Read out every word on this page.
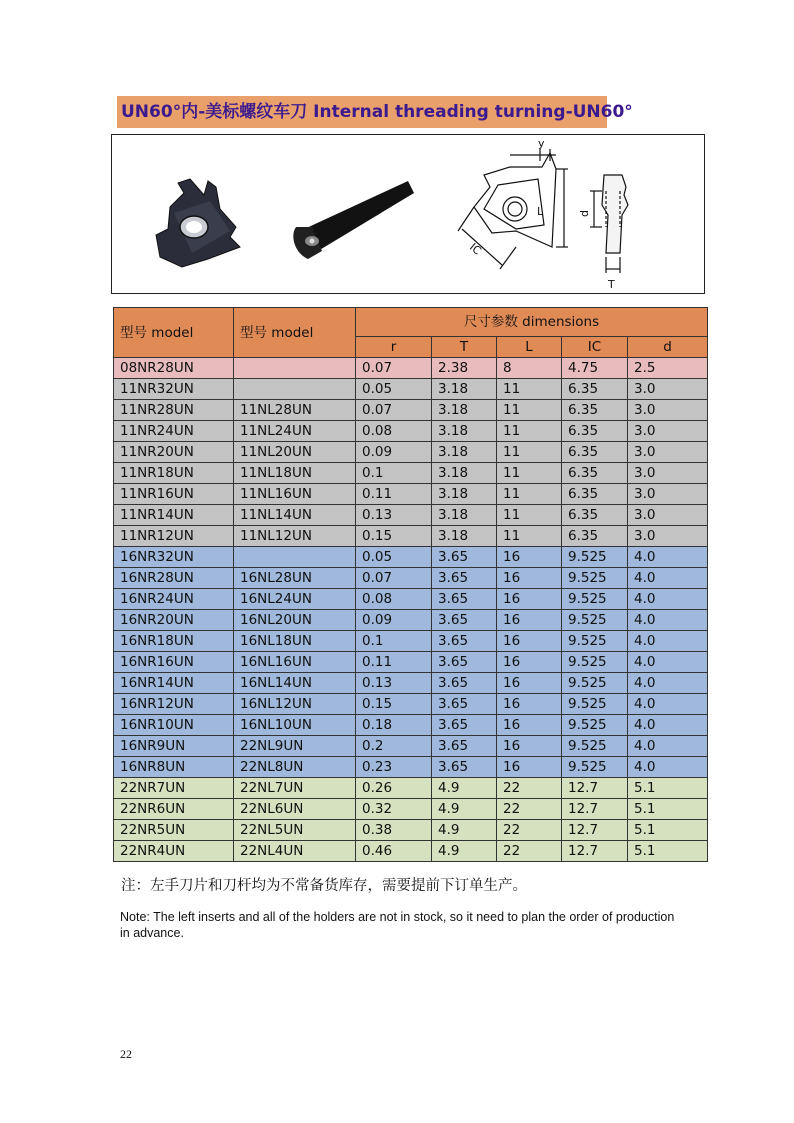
UN60°内-美标螺纹车刀 Internal threading turning-UN60°
y
L
IC
d
T
型号 model	型号 model	尺寸参数 dimensions				
		r	T	L	IC	d
08NR28UN		0.07	2.38	8	4.75	2.5
11NR32UN		0.05	3.18	11	6.35	3.0
11NR28UN	11NL28UN	0.07	3.18	11	6.35	3.0
11NR24UN	11NL24UN	0.08	3.18	11	6.35	3.0
11NR20UN	11NL20UN	0.09	3.18	11	6.35	3.0
11NR18UN	11NL18UN	0.1	3.18	11	6.35	3.0
11NR16UN	11NL16UN	0.11	3.18	11	6.35	3.0
11NR14UN	11NL14UN	0.13	3.18	11	6.35	3.0
11NR12UN	11NL12UN	0.15	3.18	11	6.35	3.0
16NR32UN		0.05	3.65	16	9.525	4.0
16NR28UN	16NL28UN	0.07	3.65	16	9.525	4.0
16NR24UN	16NL24UN	0.08	3.65	16	9.525	4.0
16NR20UN	16NL20UN	0.09	3.65	16	9.525	4.0
16NR18UN	16NL18UN	0.1	3.65	16	9.525	4.0
16NR16UN	16NL16UN	0.11	3.65	16	9.525	4.0
16NR14UN	16NL14UN	0.13	3.65	16	9.525	4.0
16NR12UN	16NL12UN	0.15	3.65	16	9.525	4.0
16NR10UN	16NL10UN	0.18	3.65	16	9.525	4.0
16NR9UN	22NL9UN	0.2	3.65	16	9.525	4.0
16NR8UN	22NL8UN	0.23	3.65	16	9.525	4.0
22NR7UN	22NL7UN	0.26	4.9	22	12.7	5.1
22NR6UN	22NL6UN	0.32	4.9	22	12.7	5.1
22NR5UN	22NL5UN	0.38	4.9	22	12.7	5.1
22NR4UN	22NL4UN	0.46	4.9	22	12.7	5.1
注：左手刀片和刀杆均为不常备货库存，需要提前下订单生产。
Note: The left inserts and all of the holders are not in stock, so it need to plan the order of production in advance.
22
